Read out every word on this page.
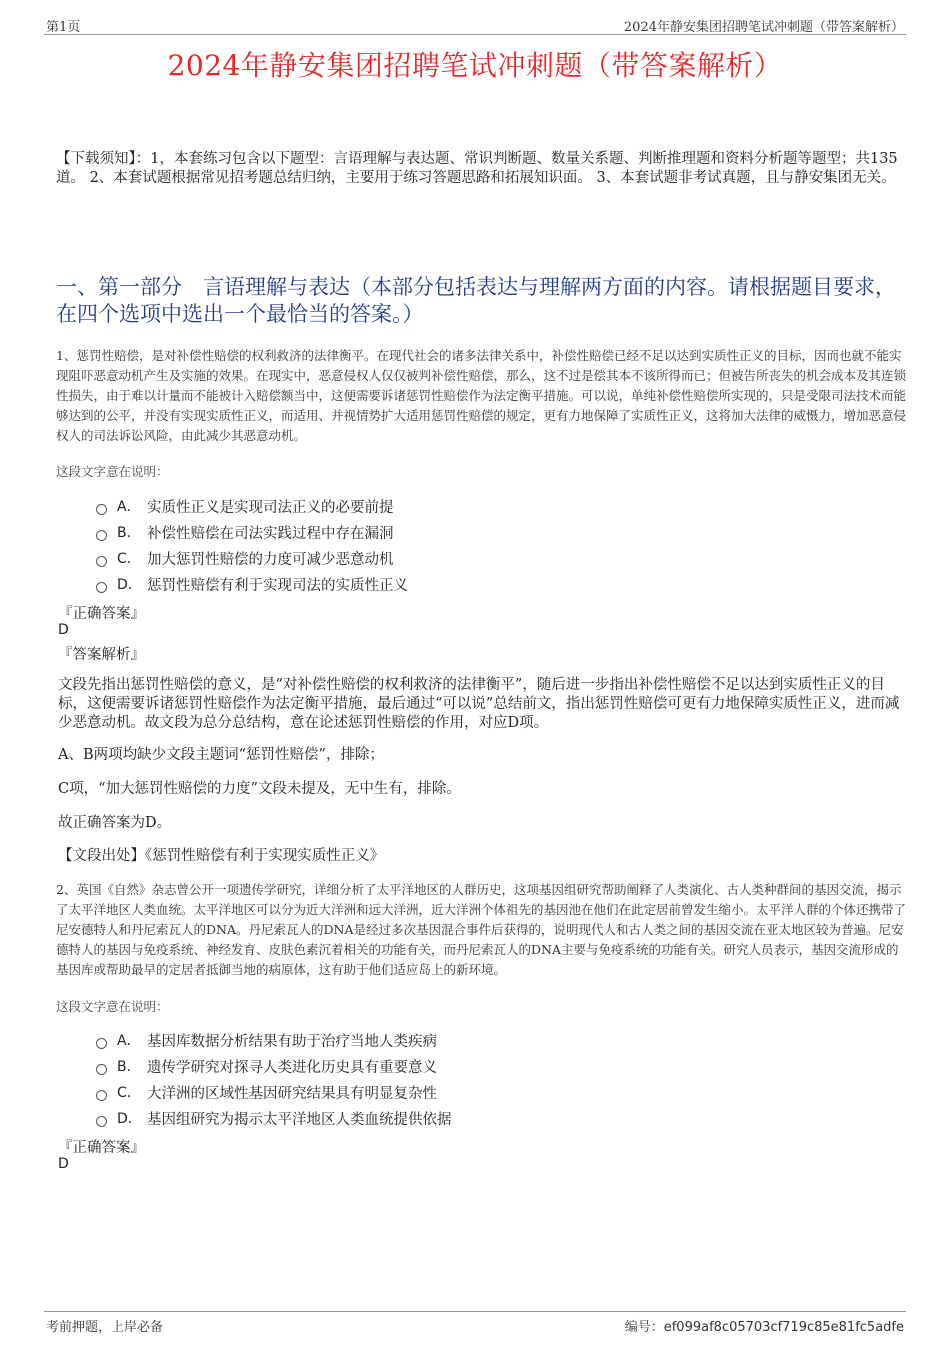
第1页	2024年静安集团招聘笔试冲刺题（带答案解析）
2024年静安集团招聘笔试冲刺题（带答案解析）
【下载须知】：1，本套练习包含以下题型：言语理解与表达题、常识判断题、数量关系题、判断推理题和资料分析题等题型；共135道。 2、本套试题根据常见招考题总结归纳，主要用于练习答题思路和拓展知识面。 3、本套试题非考试真题，且与静安集团无关。
一、第一部分　言语理解与表达（本部分包括表达与理解两方面的内容。请根据题目要求，在四个选项中选出一个最恰当的答案。）
1、惩罚性赔偿，是对补偿性赔偿的权利救济的法律衡平。在现代社会的诸多法律关系中，补偿性赔偿已经不足以达到实质性正义的目标，因而也就不能实现阻吓恶意动机产生及实施的效果。在现实中，恶意侵权人仅仅被判补偿性赔偿，那么，这不过是偿其本不该所得而已；但被告所丧失的机会成本及其连锁性损失，由于难以计量而不能被计入赔偿额当中，这便需要诉诸惩罚性赔偿作为法定衡平措施。可以说，单纯补偿性赔偿所实现的，只是受限司法技术而能够达到的公平，并没有实现实质性正义，而适用、并视情势扩大适用惩罚性赔偿的规定，更有力地保障了实质性正义，这将加大法律的威慑力，增加恶意侵权人的司法诉讼风险，由此减少其恶意动机。
这段文字意在说明：
A． 实质性正义是实现司法正义的必要前提
B． 补偿性赔偿在司法实践过程中存在漏洞
C． 加大惩罚性赔偿的力度可减少恶意动机
D． 惩罚性赔偿有利于实现司法的实质性正义
『正确答案』
D
『答案解析』
文段先指出惩罚性赔偿的意义，是“对补偿性赔偿的权利救济的法律衡平”，随后进一步指出补偿性赔偿不足以达到实质性正义的目标，这便需要诉诸惩罚性赔偿作为法定衡平措施，最后通过“可以说”总结前文，指出惩罚性赔偿可更有力地保障实质性正义，进而减少恶意动机。故文段为总分总结构，意在论述惩罚性赔偿的作用，对应D项。
A、B两项均缺少文段主题词“惩罚性赔偿”，排除；
C项，“加大惩罚性赔偿的力度”文段未提及，无中生有，排除。
故正确答案为D。
【文段出处】《惩罚性赔偿有利于实现实质性正义》
2、英国《自然》杂志曾公开一项遗传学研究，详细分析了太平洋地区的人群历史，这项基因组研究帮助阐释了人类演化、古人类种群间的基因交流，揭示了太平洋地区人类血统。太平洋地区可以分为近大洋洲和远大洋洲，近大洋洲个体祖先的基因池在他们在此定居前曾发生缩小。太平洋人群的个体还携带了尼安德特人和丹尼索瓦人的DNA。丹尼索瓦人的DNA是经过多次基因混合事件后获得的，说明现代人和古人类之间的基因交流在亚太地区较为普遍。尼安德特人的基因与免疫系统、神经发育、皮肤色素沉着相关的功能有关，而丹尼索瓦人的DNA主要与免疫系统的功能有关。研究人员表示，基因交流形成的基因库或帮助最早的定居者抵御当地的病原体，这有助于他们适应岛上的新环境。
这段文字意在说明：
A． 基因库数据分析结果有助于治疗当地人类疾病
B． 遗传学研究对探寻人类进化历史具有重要意义
C． 大洋洲的区域性基因研究结果具有明显复杂性
D． 基因组研究为揭示太平洋地区人类血统提供依据
『正确答案』
D
考前押题，上岸必备	编号：ef099af8c05703cf719c85e81fc5adfe
